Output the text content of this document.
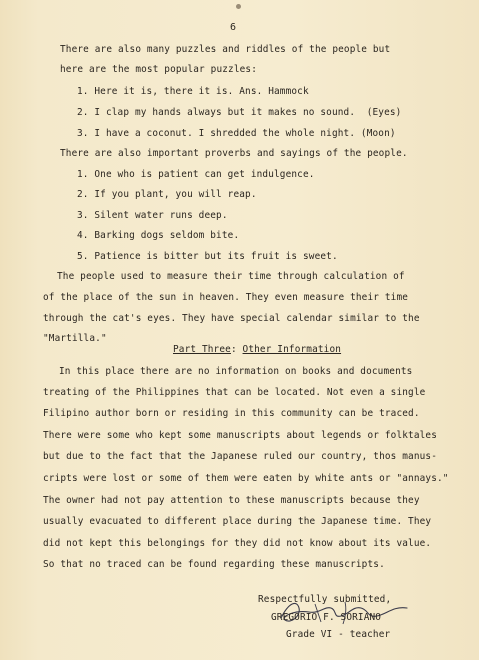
6
There are also many puzzles and riddles of the people but
here are the most popular puzzles:
1. Here it is, there it is. Ans. Hammock
2. I clap my hands always but it makes no sound.  (Eyes)
3. I have a coconut. I shredded the whole night. (Moon)
There are also important proverbs and sayings of the people.
1. One who is patient can get indulgence.
2. If you plant, you will reap.
3. Silent water runs deep.
4. Barking dogs seldom bite.
5. Patience is bitter but its fruit is sweet.
The people used to measure their time through calculation of
of the place of the sun in heaven. They even measure their time
through the cat's eyes. They have special calendar similar to the
"Martilla."
Part Three: Other Information
In this place there are no information on books and documents
treating of the Philippines that can be located. Not even a single
Filipino author born or residing in this community can be traced.
There were some who kept some manuscripts about legends or folktales
but due to the fact that the Japanese ruled our country, thos manus-
cripts were lost or some of them were eaten by white ants or "annays."
The owner had not pay attention to these manuscripts because they
usually evacuated to different place during the Japanese time. They
did not kept this belongings for they did not know about its value.
So that no traced can be found regarding these manuscripts.
Respectfully submitted,
GREGORIO F. SORIANO
Grade VI - teacher
